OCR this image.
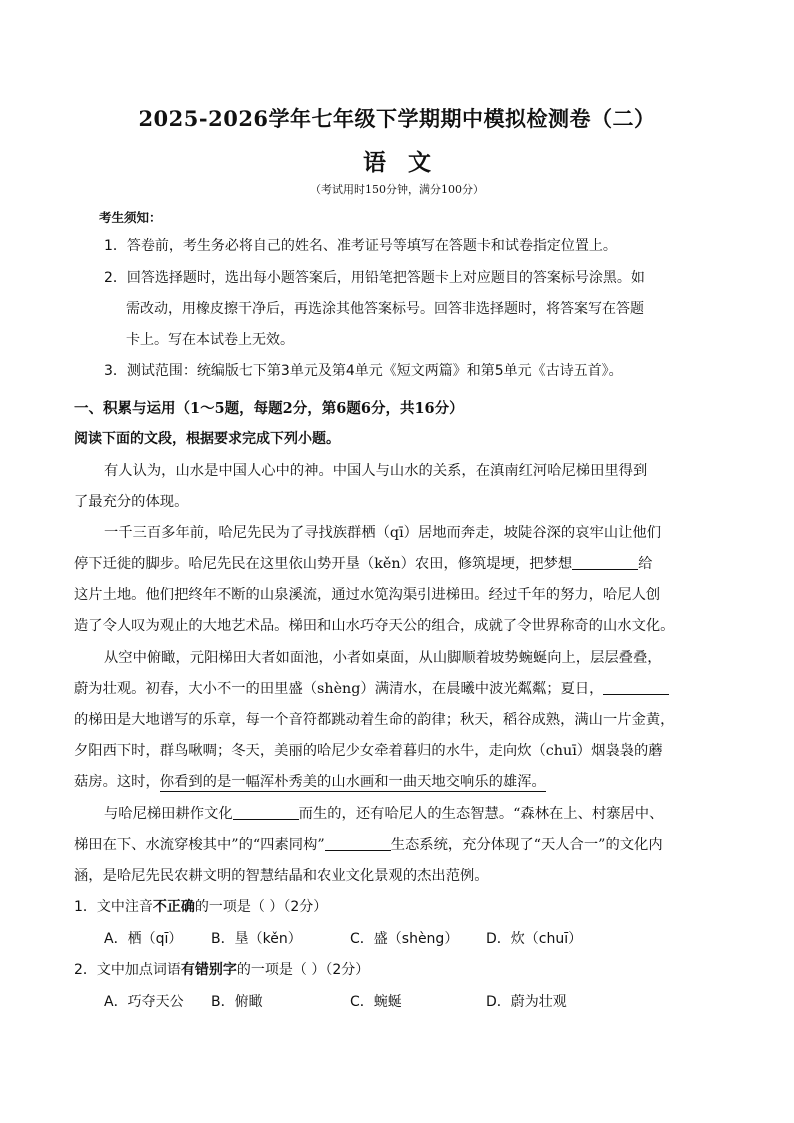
2025-2026学年七年级下学期期中模拟检测卷（二）
语文
（考试用时150分钟，满分100分）
考生须知：
1．答卷前，考生务必将自己的姓名、准考证号等填写在答题卡和试卷指定位置上。
2．回答选择题时，选出每小题答案后，用铅笔把答题卡上对应题目的答案标号涂黑。如
需改动，用橡皮擦干净后，再选涂其他答案标号。回答非选择题时，将答案写在答题
卡上。写在本试卷上无效。
3．测试范围：统编版七下第3单元及第4单元《短文两篇》和第5单元《古诗五首》。
一、积累与运用（1～5题，每题2分，第6题6分，共16分）
阅读下面的文段，根据要求完成下列小题。
有人认为，山水是中国人心中的神。中国人与山水的关系，在滇南红河哈尼梯田里得到
了最充分的体现。
一千三百多年前，哈尼先民为了寻找族群栖（qī）居地而奔走，坡陡谷深的哀牢山让他们
停下迁徙的脚步。哈尼先民在这里依山势开垦（kěn）农田，修筑堤埂，把梦想	给
这片土地。他们把终年不断的山泉溪流，通过水笕沟渠引进梯田。经过千年的努力，哈尼人创
造了令人叹为观止的大地艺术品。梯田和山水巧夺天公的组合，成就了令世界称奇的山水文化。
从空中俯瞰，元阳梯田大者如面池，小者如桌面，从山脚顺着坡势蜿蜒向上，层层叠叠，
蔚为壮观。初春，大小不一的田里盛（shèng）满清水，在晨曦中波光粼粼；夏日，
的梯田是大地谱写的乐章，每一个音符都跳动着生命的韵律；秋天，稻谷成熟，满山一片金黄，
夕阳西下时，群鸟啾啁；冬天，美丽的哈尼少女牵着暮归的水牛，走向炊（chuī）烟袅袅的蘑
菇房。这时，你看到的是一幅浑朴秀美的山水画和一曲天地交响乐的雄浑。
与哈尼梯田耕作文化	而生的，还有哈尼人的生态智慧。“森林在上、村寨居中、
梯田在下、水流穿梭其中”的“四素同构”	生态系统，充分体现了“天人合一”的文化内
涵，是哈尼先民农耕文明的智慧结晶和农业文化景观的杰出范例。
1．文中注音不正确的一项是（ ）（2分）
A．栖（qī） B．垦（kěn）	C．盛（shèng） D．炊（chuī）
2．文中加点词语有错别字的一项是（ ）（2分）
A．巧夺天公 B．俯瞰	C．蜿蜒	D．蔚为壮观
